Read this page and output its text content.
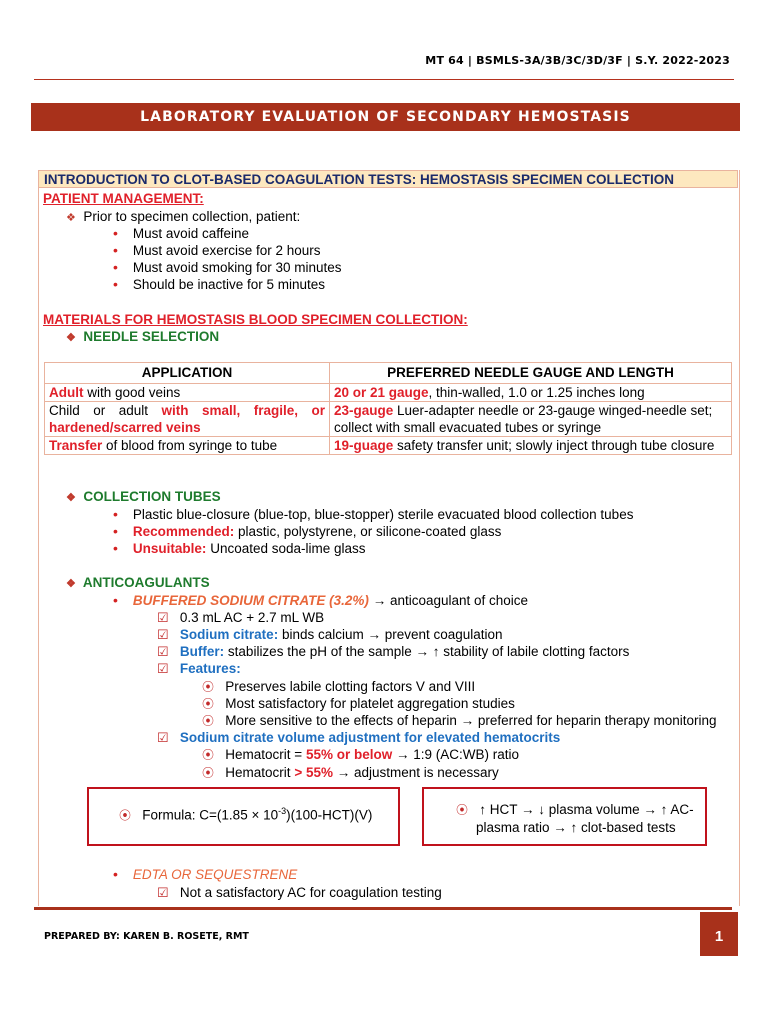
MT 64 | BSMLS-3A/3B/3C/3D/3F | S.Y. 2022-2023
LABORATORY EVALUATION OF SECONDARY HEMOSTASIS
INTRODUCTION TO CLOT-BASED COAGULATION TESTS: HEMOSTASIS SPECIMEN COLLECTION
PATIENT MANAGEMENT:
❖ Prior to specimen collection, patient:
• Must avoid caffeine
• Must avoid exercise for 2 hours
• Must avoid smoking for 30 minutes
• Should be inactive for 5 minutes
MATERIALS FOR HEMOSTASIS BLOOD SPECIMEN COLLECTION:
❖ NEEDLE SELECTION
APPLICATION	PREFERRED NEEDLE GAUGE AND LENGTH
Adult with good veins	20 or 21 gauge, thin-walled, 1.0 or 1.25 inches long
Child or adult with small, fragile, or hardened/scarred veins	23-gauge Luer-adapter needle or 23-gauge winged-needle set; collect with small evacuated tubes or syringe
Transfer of blood from syringe to tube	19-guage safety transfer unit; slowly inject through tube closure
❖ COLLECTION TUBES
• Plastic blue-closure (blue-top, blue-stopper) sterile evacuated blood collection tubes
• Recommended: plastic, polystyrene, or silicone-coated glass
• Unsuitable: Uncoated soda-lime glass
❖ ANTICOAGULANTS
• BUFFERED SODIUM CITRATE (3.2%) → anticoagulant of choice
☑ 0.3 mL AC + 2.7 mL WB
☑ Sodium citrate: binds calcium → prevent coagulation
☑ Buffer: stabilizes the pH of the sample → ↑ stability of labile clotting factors
☑ Features:
⦿ Preserves labile clotting factors V and VIII
⦿ Most satisfactory for platelet aggregation studies
⦿ More sensitive to the effects of heparin → preferred for heparin therapy monitoring
☑ Sodium citrate volume adjustment for elevated hematocrits
⦿ Hematocrit = 55% or below → 1:9 (AC:WB) ratio
⦿ Hematocrit > 55% → adjustment is necessary
⦿ Formula: $C=(1.85 \times 10^{-3})(100-HCT)(V)$	⦿ ↑ HCT → ↓ plasma volume → ↑ AC-
plasma ratio → ↑ clot-based tests
• EDTA OR SEQUESTRENE
☑ Not a satisfactory AC for coagulation testing
PREPARED BY: KAREN B. ROSETE, RMT	1
